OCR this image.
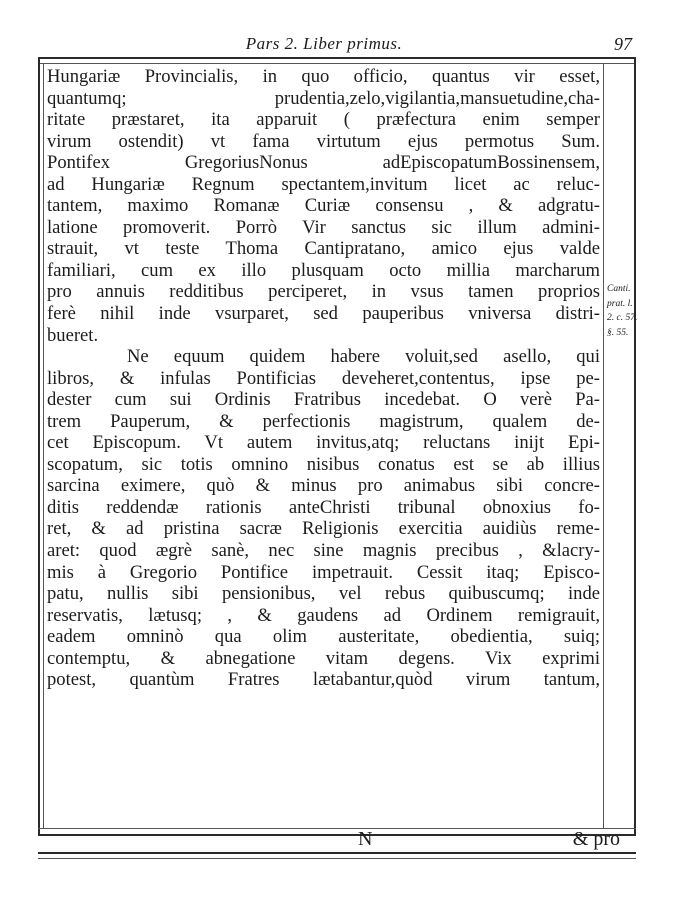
Pars 2. Liber primus.	97
Hungariæ Provincialis, in quo officio, quantus vir esset,
quantumq; prudentia,zelo,vigilantia,mansuetudine,cha-
ritate præstaret, ita apparuit ( præfectura enim semper
virum ostendit) vt fama virtutum ejus permotus Sum.
Pontifex GregoriusNonus adEpiscopatumBossinensem,
ad Hungariæ Regnum spectantem,invitum licet ac reluc-
tantem, maximo Romanæ Curiæ consensu , & adgratu-
latione promoverit. Porrò Vir sanctus sic illum admini-
strauit, vt teste Thoma Cantipratano, amico ejus valde
familiari, cum ex illo plusquam octo millia marcharum
pro annuis redditibus perciperet, in vsus tamen proprios
ferè nihil inde vsurparet, sed pauperibus vniversa distri-
bueret.
Ne equum quidem habere voluit,sed asello, qui
libros, & infulas Pontificias deveheret,contentus, ipse pe-
dester cum sui Ordinis Fratribus incedebat. O verè Pa-
trem Pauperum, & perfectionis magistrum, qualem de-
cet Episcopum. Vt autem invitus,atq; reluctans inijt Epi-
scopatum, sic totis omnino nisibus conatus est se ab illius
sarcina eximere, quò & minus pro animabus sibi concre-
ditis reddendæ rationis anteChristi tribunal obnoxius fo-
ret, & ad pristina sacræ Religionis exercitia auidiùs reme-
aret: quod ægrè sanè, nec sine magnis precibus , &lacry-
mis à Gregorio Pontifice impetrauit. Cessit itaq; Episco-
patu, nullis sibi pensionibus, vel rebus quibuscumq; inde
reservatis, lætusq; , & gaudens ad Ordinem remigrauit,
eadem omninò qua olim austeritate, obedientia, suiq;
contemptu, & abnegatione vitam degens. Vix exprimi
potest, quantùm Fratres lætabantur,quòd virum tantum,
Canti.
prat. l.
2. c. 57.
§. 55.
N	& pro
